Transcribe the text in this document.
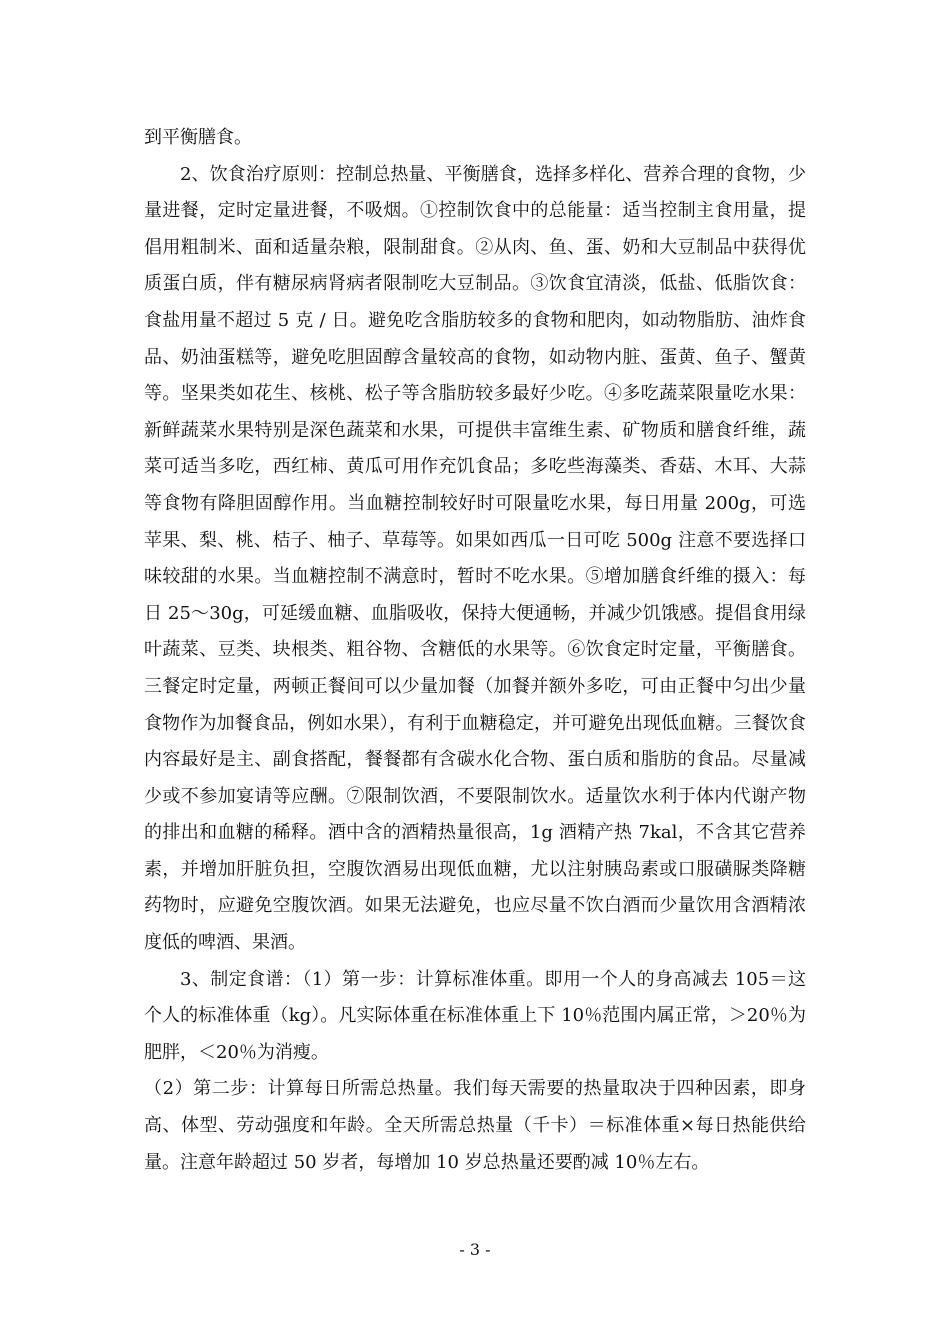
到平衡膳食。

2、饮食治疗原则：控制总热量、平衡膳食，选择多样化、营养合理的食物，少量进餐，定时定量进餐，不吸烟。①控制饮食中的总能量：适当控制主食用量，提倡用粗制米、面和适量杂粮，限制甜食。②从肉、鱼、蛋、奶和大豆制品中获得优质蛋白质，伴有糖尿病肾病者限制吃大豆制品。③饮食宜清淡，低盐、低脂饮食：食盐用量不超过 5 克 / 日。避免吃含脂肪较多的食物和肥肉，如动物脂肪、油炸食品、奶油蛋糕等，避免吃胆固醇含量较高的食物，如动物内脏、蛋黄、鱼子、蟹黄等。坚果类如花生、核桃、松子等含脂肪较多最好少吃。④多吃蔬菜限量吃水果：新鲜蔬菜水果特别是深色蔬菜和水果，可提供丰富维生素、矿物质和膳食纤维，蔬菜可适当多吃，西红柿、黄瓜可用作充饥食品；多吃些海藻类、香菇、木耳、大蒜等食物有降胆固醇作用。当血糖控制较好时可限量吃水果，每日用量 200g，可选苹果、梨、桃、桔子、柚子、草莓等。如果如西瓜一日可吃 500g 注意不要选择口味较甜的水果。当血糖控制不满意时，暂时不吃水果。⑤增加膳食纤维的摄入：每日 25～30g，可延缓血糖、血脂吸收，保持大便通畅，并减少饥饿感。提倡食用绿叶蔬菜、豆类、块根类、粗谷物、含糖低的水果等。⑥饮食定时定量，平衡膳食。三餐定时定量，两顿正餐间可以少量加餐（加餐并额外多吃，可由正餐中匀出少量食物作为加餐食品，例如水果），有利于血糖稳定，并可避免出现低血糖。三餐饮食内容最好是主、副食搭配，餐餐都有含碳水化合物、蛋白质和脂肪的食品。尽量减少或不参加宴请等应酬。⑦限制饮酒，不要限制饮水。适量饮水利于体内代谢产物的排出和血糖的稀释。酒中含的酒精热量很高，1g 酒精产热 7kal，不含其它营养素，并增加肝脏负担，空腹饮酒易出现低血糖，尤以注射胰岛素或口服磺脲类降糖药物时，应避免空腹饮酒。如果无法避免，也应尽量不饮白酒而少量饮用含酒精浓度低的啤酒、果酒。

3、制定食谱：（1）第一步：计算标准体重。即用一个人的身高减去 105＝这个人的标准体重（kg）。凡实际体重在标准体重上下 10％范围内属正常，＞20％为肥胖，＜20％为消瘦。

（2）第二步：计算每日所需总热量。我们每天需要的热量取决于四种因素，即身高、体型、劳动强度和年龄。全天所需总热量（千卡）＝标准体重×每日热能供给量。注意年龄超过 50 岁者，每增加 10 岁总热量还要酌减 10％左右。

- 3 -
